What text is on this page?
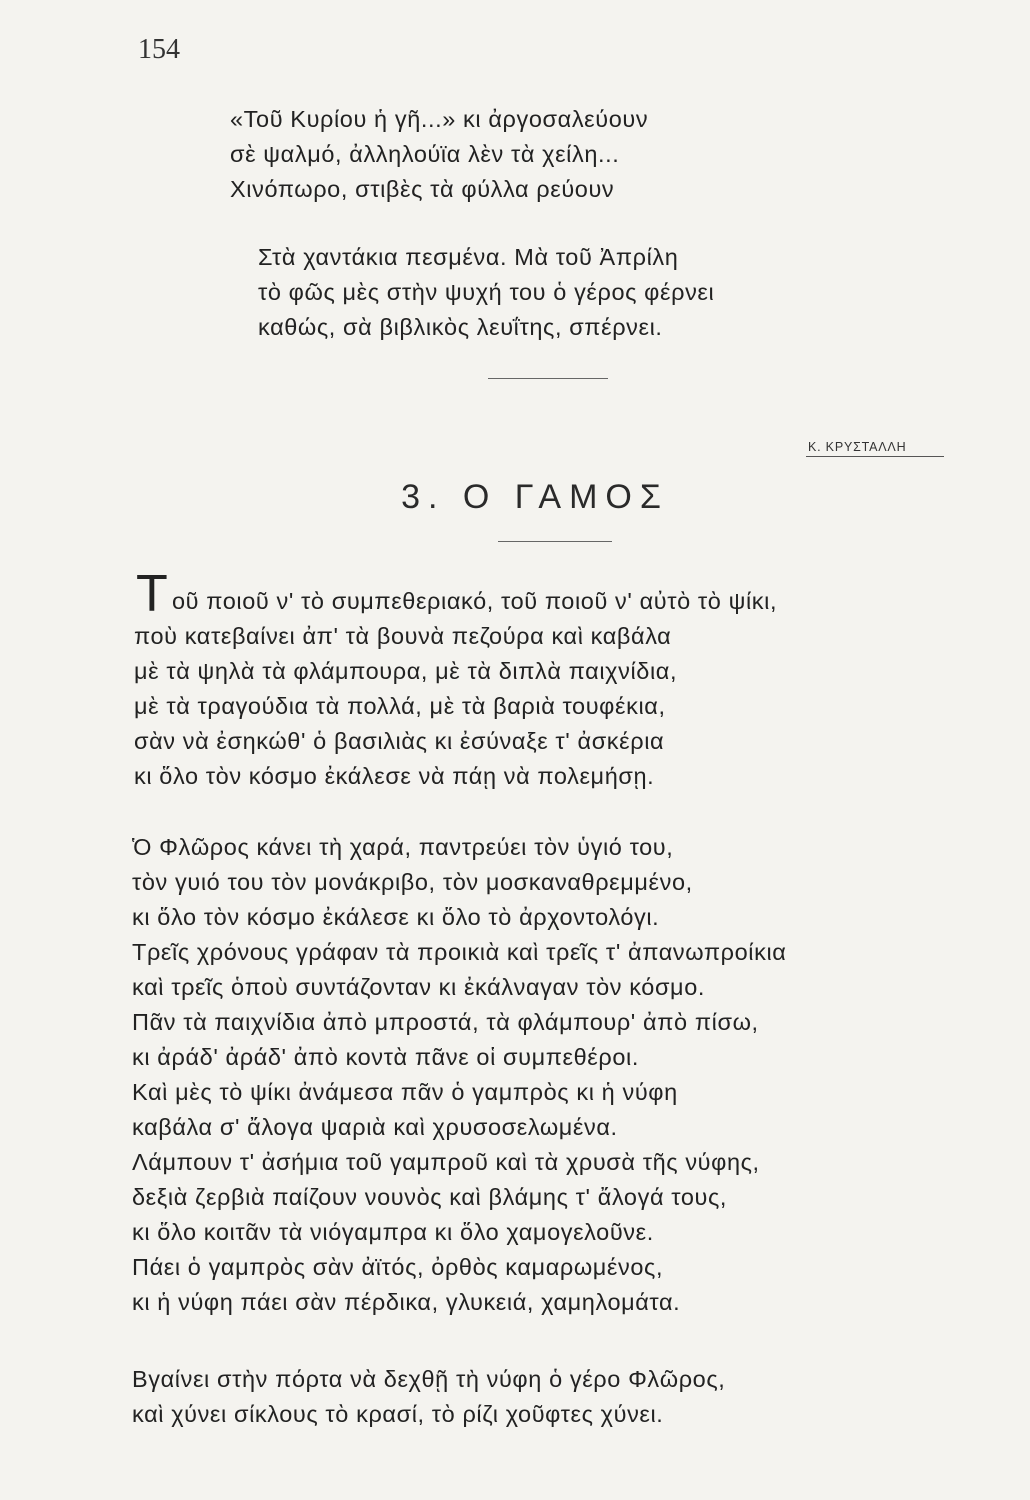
154
«Τοῦ Κυρίου ἡ γῆ...» κι ἀργοσαλεύουν
σὲ ψαλμό, ἀλληλούϊα λὲν τὰ χείλη...
Χινόπωρο, στιβὲς τὰ φύλλα ρεύουν
Στὰ χαντάκια πεσμένα. Μὰ τοῦ Ἀπρίλη
τὸ φῶς μὲς στὴν ψυχή του ὁ γέρος φέρνει
καθώς, σὰ βιβλικὸς λευΐτης, σπέρνει.
Κ. ΚΡΥΣΤΑΛΛΗ
3. Ο ΓΑΜΟΣ
Τ οῦ ποιοῦ ν' τὸ συμπεθεριακό, τοῦ ποιοῦ ν' αὐτὸ τὸ ψίκι,
ποὺ κατεβαίνει ἀπ' τὰ βουνὰ πεζούρα καὶ καβάλα
μὲ τὰ ψηλὰ τὰ φλάμπουρα, μὲ τὰ διπλὰ παιχνίδια,
μὲ τὰ τραγούδια τὰ πολλά, μὲ τὰ βαριὰ τουφέκια,
σὰν νὰ ἐσηκώθ' ὁ βασιλιὰς κι ἐσύναξε τ' ἀσκέρια
κι ὅλο τὸν κόσμο ἐκάλεσε νὰ πάῃ νὰ πολεμήσῃ.
Ὁ Φλῶρος κάνει τὴ χαρά, παντρεύει τὸν ὑγιό του,
τὸν γυιό του τὸν μονάκριβο, τὸν μοσκαναθρεμμένο,
κι ὅλο τὸν κόσμο ἐκάλεσε κι ὅλο τὸ ἀρχοντολόγι.
Τρεῖς χρόνους γράφαν τὰ προικιὰ καὶ τρεῖς τ' ἀπανωπροίκια
καὶ τρεῖς ὁποὺ συντάζονταν κι ἐκάλναγαν τὸν κόσμο.
Πᾶν τὰ παιχνίδια ἀπὸ μπροστά, τὰ φλάμπουρ' ἀπὸ πίσω,
κι ἀράδ' ἀράδ' ἀπὸ κοντὰ πᾶνε οἱ συμπεθέροι.
Καὶ μὲς τὸ ψίκι ἀνάμεσα πᾶν ὁ γαμπρὸς κι ἡ νύφη
καβάλα σ' ἄλογα ψαριὰ καὶ χρυσοσελωμένα.
Λάμπουν τ' ἀσήμια τοῦ γαμπροῦ καὶ τὰ χρυσὰ τῆς νύφης,
δεξιὰ ζερβιὰ παίζουν νουνὸς καὶ βλάμης τ' ἄλογά τους,
κι ὅλο κοιτᾶν τὰ νιόγαμπρα κι ὅλο χαμογελοῦνε.
Πάει ὁ γαμπρὸς σὰν ἀϊτός, ὀρθὸς καμαρωμένος,
κι ἡ νύφη πάει σὰν πέρδικα, γλυκειά, χαμηλομάτα.
Βγαίνει στὴν πόρτα νὰ δεχθῇ τὴ νύφη ὁ γέρο Φλῶρος,
καὶ χύνει σίκλους τὸ κρασί, τὸ ρίζι χοῦφτες χύνει.
